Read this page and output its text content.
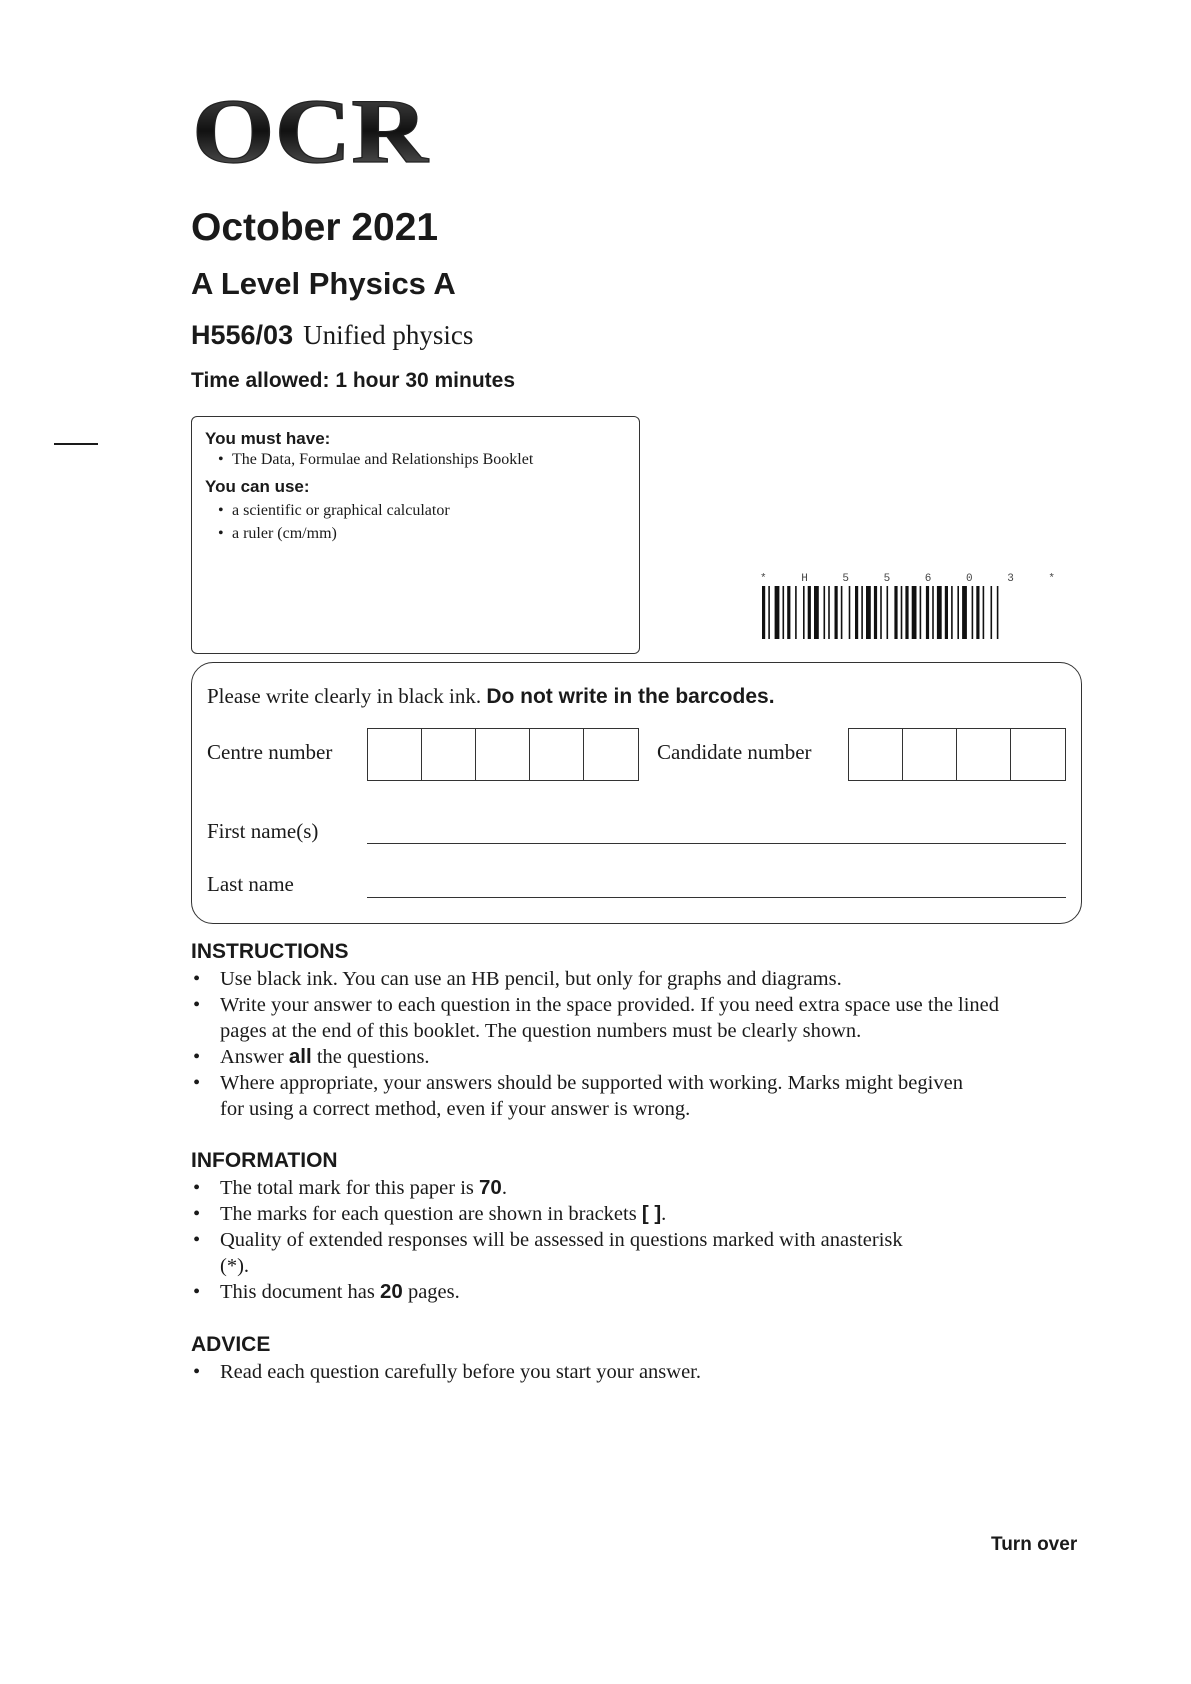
OCR
October 2021
A Level Physics A
H556/03 Unified physics
Time allowed: 1 hour 30 minutes
You must have:
• The Data, Formulae and Relationships Booklet
You can use:
• a scientific or graphical calculator
• a ruler (cm/mm)
* H 5 5 6 0 3 *
Please write clearly in black ink. Do not write in the barcodes.
Centre number	Candidate number
First name(s)
Last name
INSTRUCTIONS
• Use black ink. You can use an HB pencil, but only for graphs and diagrams.
• Write your answer to each question in the space provided. If you need extra space use the lined
pages at the end of this booklet. The question numbers must be clearly shown.
• Answer all the questions.
• Where appropriate, your answers should be supported with working. Marks might begiven
for using a correct method, even if your answer is wrong.
INFORMATION
• The total mark for this paper is 70.
• The marks for each question are shown in brackets [ ].
• Quality of extended responses will be assessed in questions marked with anasterisk
(*).
• This document has 20 pages.
ADVICE
• Read each question carefully before you start your answer.
Turn over
